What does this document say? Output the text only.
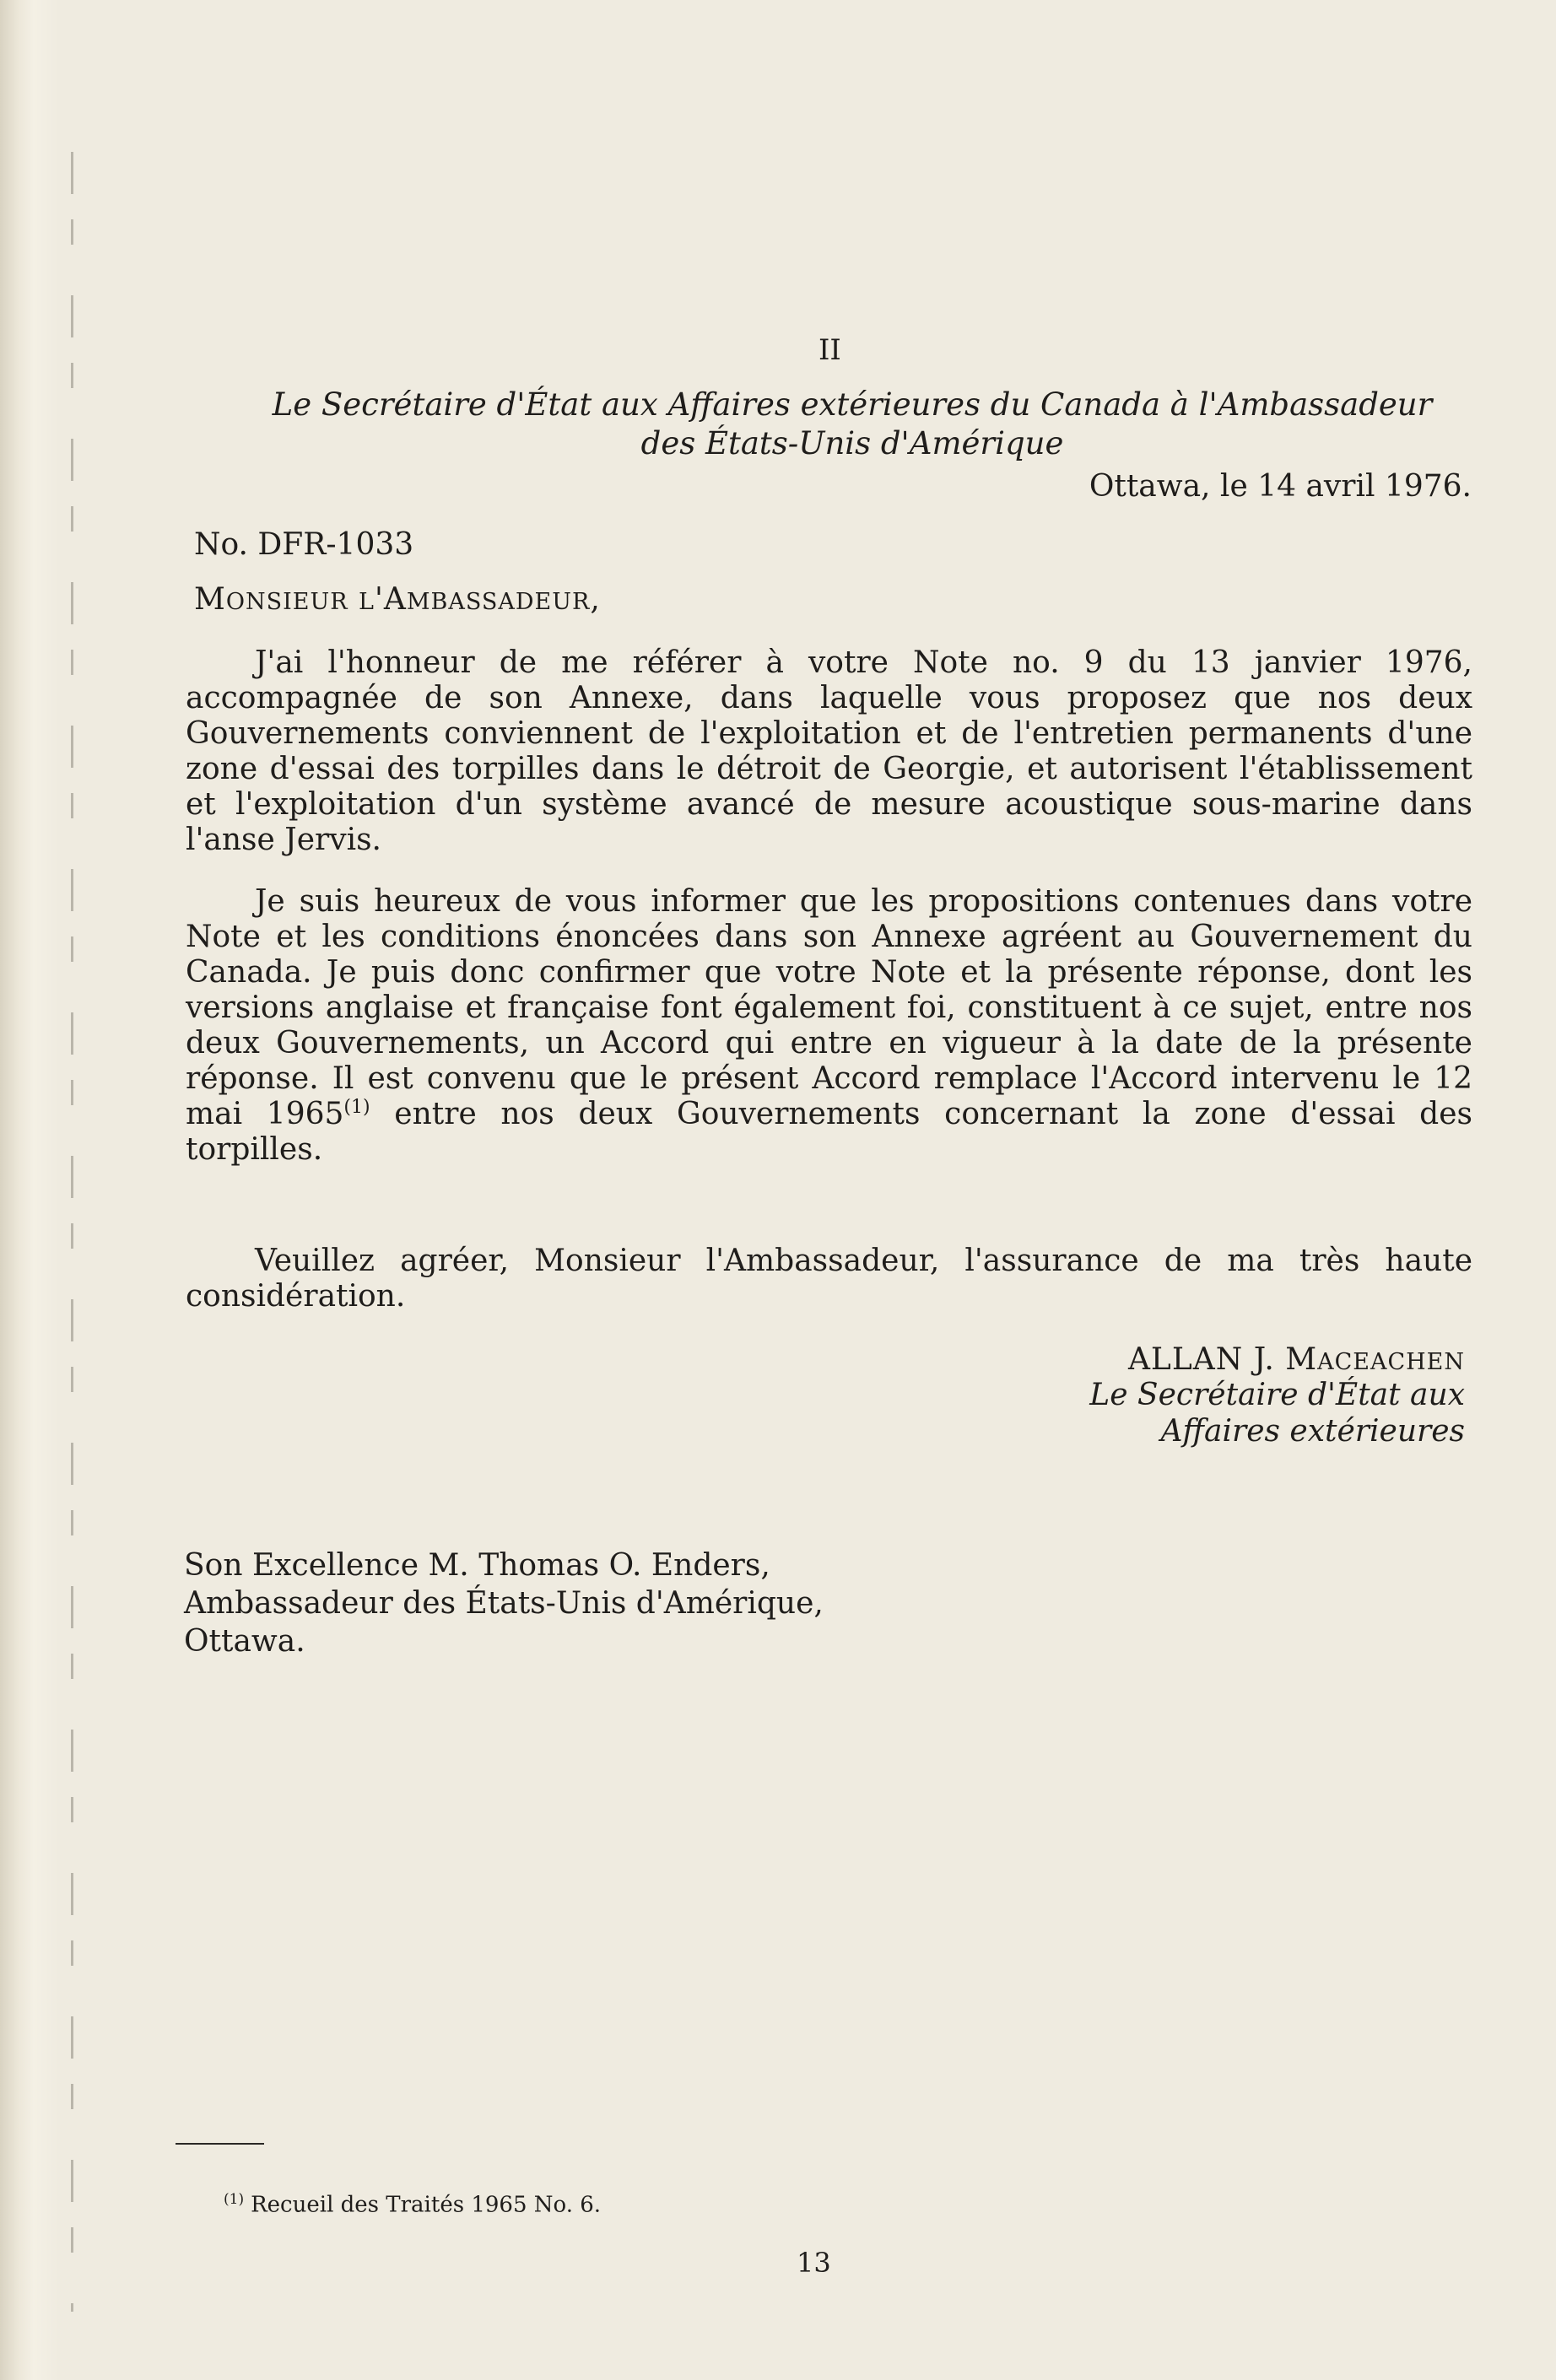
II
Le Secrétaire d'État aux Affaires extérieures du Canada à l'Ambassadeur
des États-Unis d'Amérique
Ottawa, le 14 avril 1976.
No. DFR-1033
MONSIEUR L'AMBASSADEUR,
J'ai l'honneur de me référer à votre Note no. 9 du 13 janvier 1976, accompagnée de son Annexe, dans laquelle vous proposez que nos deux Gouvernements conviennent de l'exploitation et de l'entretien permanents d'une zone d'essai des torpilles dans le détroit de Georgie, et autorisent l'établissement et l'exploitation d'un système avancé de mesure acoustique sous-marine dans l'anse Jervis.
Je suis heureux de vous informer que les propositions contenues dans votre Note et les conditions énoncées dans son Annexe agréent au Gouvernement du Canada. Je puis donc confirmer que votre Note et la présente réponse, dont les versions anglaise et française font également foi, constituent à ce sujet, entre nos deux Gouvernements, un Accord qui entre en vigueur à la date de la présente réponse. Il est convenu que le présent Accord remplace l'Accord intervenu le 12 mai 1965$^{(1)}$ entre nos deux Gouvernements concernant la zone d'essai des torpilles.
Veuillez agréer, Monsieur l'Ambassadeur, l'assurance de ma très haute considération.
ALLAN J. MACEACHEN
Le Secrétaire d'État aux
Affaires extérieures
Son Excellence M. Thomas O. Enders,
Ambassadeur des États-Unis d'Amérique,
Ottawa.
$^{(1)}$ Recueil des Traités 1965 No. 6.
13
